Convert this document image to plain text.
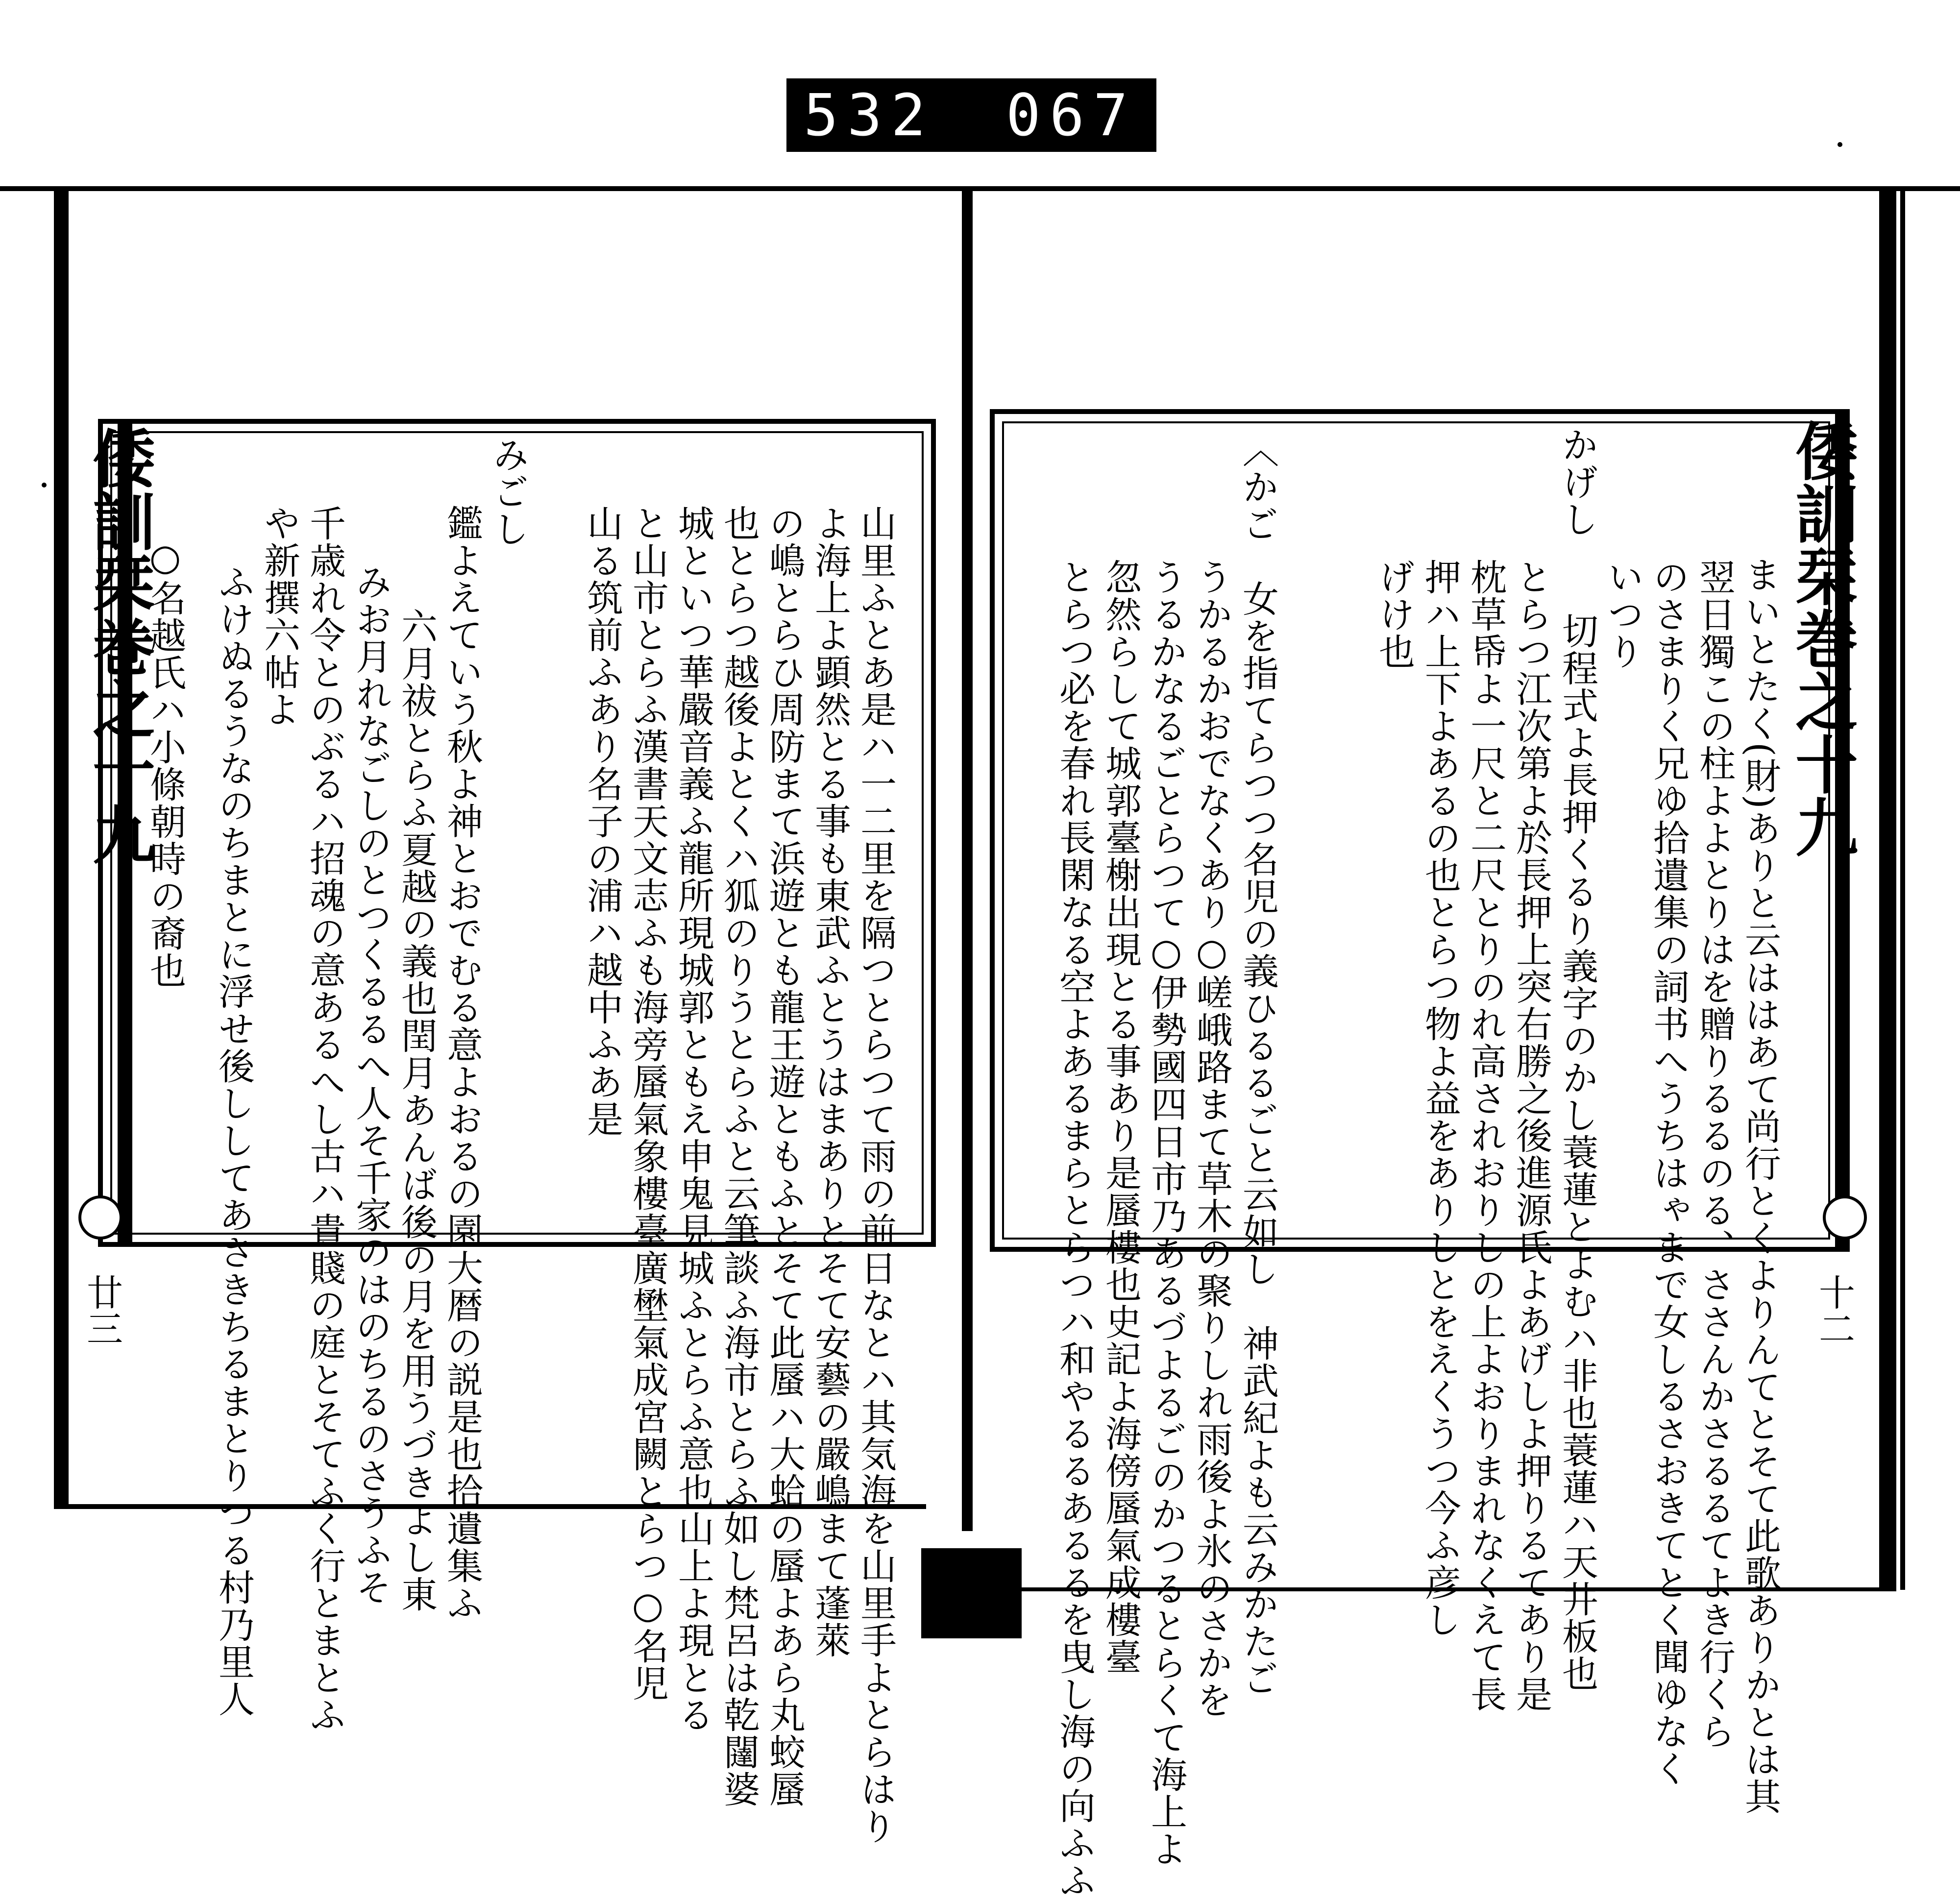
532 067
倭訓栞巻之十九
十二
まいとたく(財)ありと云ははあて尚行とくよりんてとそて此歌ありかとは其
翌日獨この柱よよとりはを贈りるるのる、ささんかさるるてよき行くら
のさまりく兄ゆ拾遺集の詞书へうちはゃまで女しるさおきてとく聞ゆなく
いつり
かげし　　切程式よ長押くるり義字のかし蓑蓮とよむハ非也蓑蓮ハ天井板也
とらつ江次第よ於長押上突右勝之後進源氏よあげしよ押りるてあり是
枕草帋よ一尺と二尺とりのれ高されおりしの上よおりまれなくえて長
押ハ上下よあるの也とらつ物よ益をありしとをえくうつ今ふ彦し
げけ也
〈かご　女を指てらつつ名児の義ひるるごと云如し　神武紀よも云みかたご
うかるかおでなくあり○嵯峨路まて草木の聚りしれ雨後よ氷のさかを
うるかなるごとらつて○伊勢國四日市乃あるづよるごのかつるとらくて海上よ
忽然らして城郭臺榭出現とる事あり是蜃樓也史記よ海傍蜃氣成樓臺
とらつ必を春れ長閑なる空よあるまらとらつハ和やるるあるるを曳し海の向ふふ
倭訓栞巻之十九
廿三	山里ふとあ是ハ一二里を隔つとらつて雨の前日なとハ其気海を山里手よとらはり
よ海上よ顕然とる事も東武ふとうはまありとそて安藝の嚴嶋まて蓬萊
の嶋とらひ周防まて浜遊とも龍王遊ともふとそて此蜃ハ大蛤の蜃よあら丸蛟蜃
也とらつ越後よとくハ狐のりうとらふと云筆談ふ海市とらふ如し梵呂は乾闥婆
城といつ華嚴音義ふ龍所現城郭ともえ申鬼見城ふとらふ意也山上よ現とる
と山市とらふ漢書天文志ふも海旁蜃氣象樓臺廣壄氣成宮闕とらつ○名児
山る筑前ふあり名子の浦ハ越中ふあ是
みごし
鑑よえていう秋よ神とおでむる意よおるの園大暦の説是也拾遺集ふ
六月祓とらふ夏越の義也閏月あんば後の月を用うづきよし東
みお月れなごしのとつくるるへ人そ千家のはのちるのさうふそ
千歳れ令とのぶるハ招魂の意あるへし古ハ貴賤の庭とそてふく行とまとふ
や新撰六帖よ
ふけぬるうなのちまとに浮せ後ししてあさきちるまとりつる村乃里人
○名越氏ハ小條朝時の裔也
